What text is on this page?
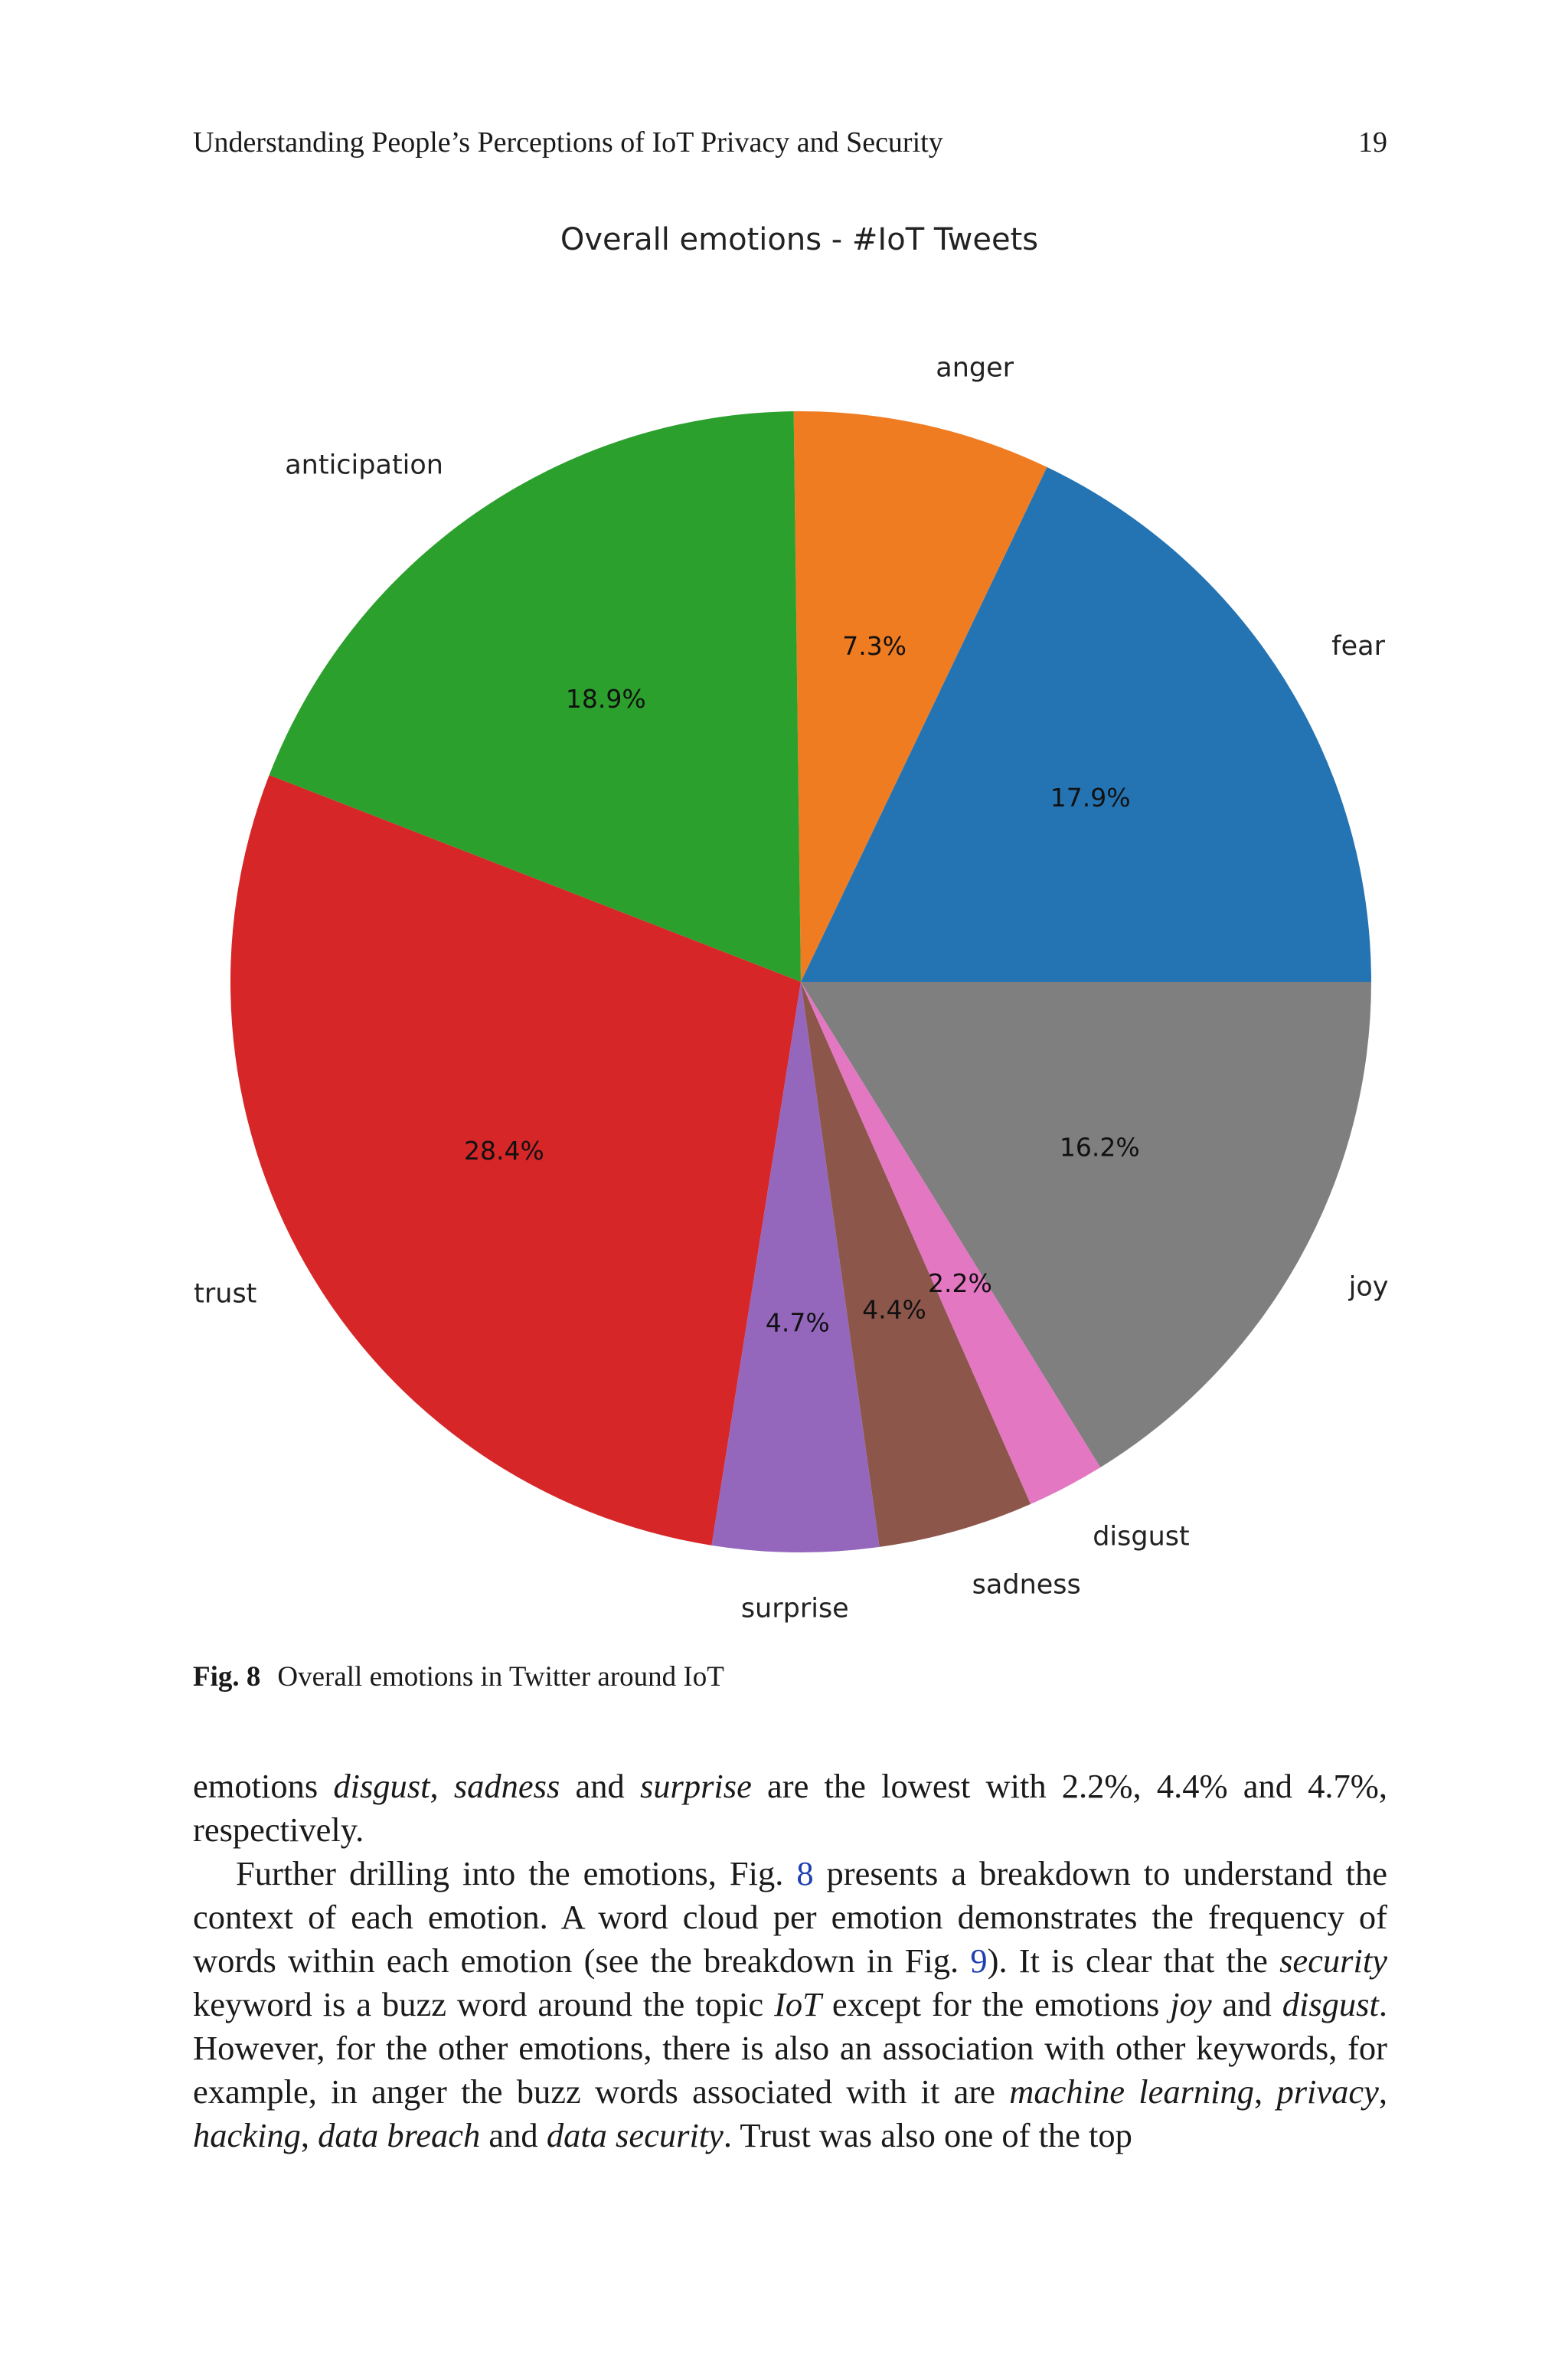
Understanding People’s Perceptions of IoT Privacy and Security	19
Overall emotions - #IoT Tweets
17.9%
7.3%
18.9%
28.4%
4.7% 4.4%
2.2%
16.2%
fear
anger
anticipation
trust
surprise
sadness
disgust
joy
Fig. 8 Overall emotions in Twitter around IoT

emotions disgust, sadness and surprise are the lowest with 2.2%, 4.4% and 4.7%, respectively.

Further drilling into the emotions, Fig. 8 presents a breakdown to understand the context of each emotion. A word cloud per emotion demonstrates the frequency of words within each emotion (see the breakdown in Fig. 9). It is clear that the security keyword is a buzz word around the topic IoT except for the emotions joy and disgust. However, for the other emotions, there is also an association with other keywords, for example, in anger the buzz words associated with it are machine learning, privacy, hacking, data breach and data security. Trust was also one of the top
